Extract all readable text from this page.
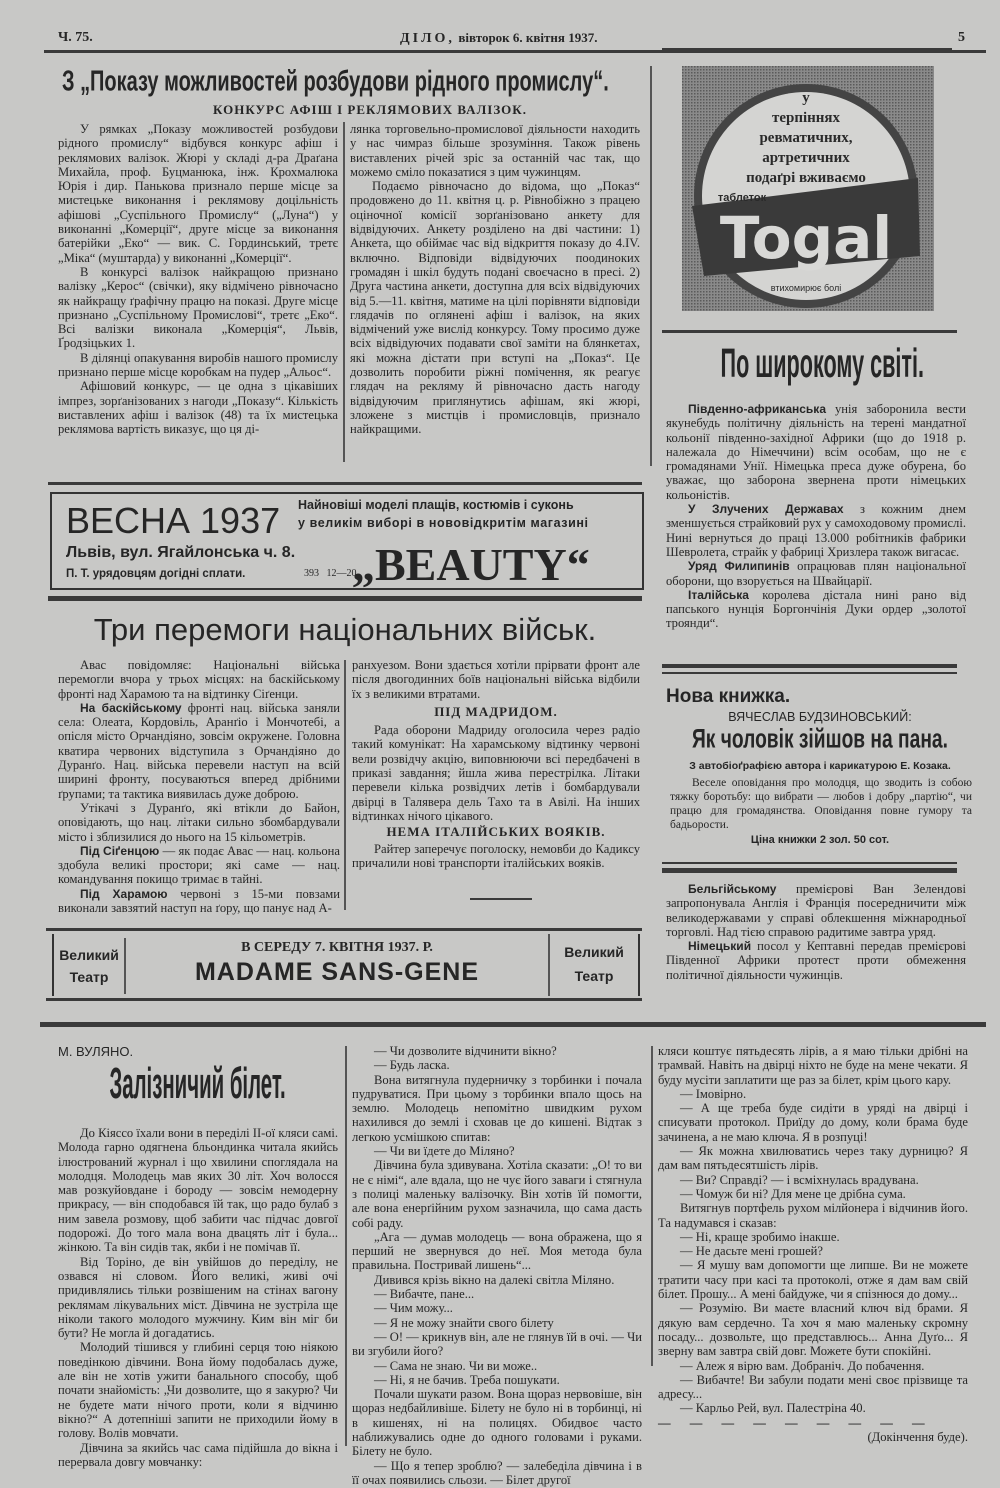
Ч. 75.	ДІЛО, вівторок 6. квітня 1937.	5
З „Показу можливостей розбудови рідного промислу“.
КОНКУРС АФІШ І РЕКЛЯМОВИХ ВАЛІЗОК.

У рямках „Показу можливостей розбудови рідного промислу“ відбувся конкурс афіш і реклямових валізок. Жюрі у складі д-ра Драґана Михайла, проф. Буцманюка, інж. Крохмалюка Юрія і дир. Панькова признало перше місце за мистецьке виконання і реклямову доцільність афішові „Суспільного Промислу“ („Луна“) у виконанні „Комерції“, друге місце за виконання батерійки „Еко“ — вик. С. Гординський, третє „Міка“ (муштарда) у виконанні „Комерції“.

В конкурсі валізок найкращою признано валізку „Керос“ (свічки), яку відмічено рівночасно як найкращу ґрафічну працю на показі. Друге місце признано „Суспільному Промислові“, третє „Еко“. Всі валізки виконала „Комерція“, Львів, Ґродзіцьких 1.

В ділянці опакування виробів нашого промислу признано перше місце коробкам на пудер „Альос“.

Афішовий конкурс, — це одна з цікавіших імпрез, зорґанізованих з нагоди „Показу“. Кількість виставлених афіш і валізок (48) та їх мистецька реклямова вартість виказує, що ця ді-

лянка торговельно-промислової діяльности находить у нас чимраз більше зрозуміння. Також рівень виставлених річей зріс за останній час так, що можемо сміло показатися з цим чужинцям.

Подаємо рівночасно до відома, що „Показ“ продовжено до 11. квітня ц. р. Рівнобіжно з працею оціночної комісії зорґанізовано анкету для відвідуючих. Анкету розділено на дві частини: 1) Анкета, що обіймає час від відкриття показу до 4.IV. включно. Відповіди відвідуючих поодиноких громадян і шкіл будуть подані своєчасно в пресі. 2) Друга частина анкети, доступна для всіх відвідуючих від 5.—11. квітня, матиме на цілі порівняти відповіди глядачів по оглянені афіш і валізок, на яких відмічений уже вислід конкурсу. Тому просимо дуже всіх відвідуючих подавати свої заміти на блянкетах, які можна дістати при вступі на „Показ“. Це дозволить поробити ріжні помічення, як реагує глядач на рекляму й рівночасно дасть нагоду відвідуючим приглянутись афішам, які жюрі, зложене з мистців і промисловців, признало найкращими.

у
терпіннях
ревматичних,
артретичних
подаґрі вживаємо
таблеток
Togal
втихомирює болі
По широкому світі.

Південно-африканська унія заборонила вести якунебудь політичну діяльність на терені мандатної кольонії південно-західної Африки (що до 1918 р. належала до Німеччини) всім особам, що не є громадянами Унії. Німецька преса дуже обурена, бо уважає, що заборона звернена проти німецьких кольоністів.

У Злучених Державах з кожним днем зменшується страйковий рух у самоходовому промислі. Нині вернуться до праці 13.000 робітників фабрики Шевролета, страйк у фабриці Хризлера також вигасає.

Уряд Филипинів опрацював плян національної оборони, що взорується на Швайцарії.

Італійська королева дістала нині рано від папського нунція Боргончінія Дуки ордер „золотої троянди“.

ВЕСНА 1937 Найновіші моделі плащів, костюмів і суконь
у великім виборі в нововідкритім магазині
Львів, вул. Ягайлонська ч. 8.
П. Т. урядовцям догідні сплати.	393   12—20
„BEAUTY“
Три перемоги національних військ.

Авас повідомляє: Національні війська перемогли вчора у трьох місцях: на баскійському фронті над Харамою та на відтинку Сіґенци.

На баскійському фронті нац. війська заняли села: Олеата, Кордовіль, Аранґіо і Мончотебі, а опісля місто Орчандіяно, зовсім окружене. Головна кватира червоних відступила з Орчандіяно до Дуранґо. Нац. війська перевели наступ на всій ширині фронту, посуваються вперед дрібними ґрупами; та тактика виявилась дуже доброю.

Утікачі з Дуранґо, які втікли до Байон, оповідають, що нац. літаки сильно збомбардували місто і зблизилися до нього на 15 кільометрів.

Під Сіґенцою — як подає Авас — нац. кольона здобула великі простори; які саме — нац. командування покищо тримає в тайні.

Під Харамою червоні з 15-ми повзами виконали завзятий наступ на ґору, що панує над А-

ранхуезом. Вони здається хотіли прірвати фронт але після двогодинних боїв національні війська відбили їх з великими втратами.

ПІД МАДРИДОМ.

Рада оборони Мадриду оголосила через радіо такий комунікат: На харамському відтинку червоні вели розвідчу акцію, виповнюючи всі передбачені в приказі завдання; йшла жива перестрілка. Літаки перевели кілька розвідчих летів і бомбардували двірці в Талявера дель Тахо та в Авілі. На інших відтинках нічого цікавого.

НЕМА ІТАЛІЙСЬКИХ ВОЯКІВ.

Райтер заперечує поголоску, немовби до Кадиксу причалили нові транспорти італійських вояків.

Нова книжка.
ВЯЧЕСЛАВ БУДЗИНОВСЬКИЙ:
Як чоловік зійшов на пана.
З автобіоґрафією автора і карикатурою Е. Козака.

Веселе оповідання про молодця, що зводить із собою тяжку боротьбу: що вибрати — любов і добру „партію“, чи працю для громадянства. Оповідання повне гумору та бадьорости.

Ціна книжки 2 зол. 50 сот.

Бельгійському премієрові Ван Зелендові запропонувала Англія і Франція посередничити між великодержавами у справі облекшення міжнародньої торговлі. Над тією справою радитиме завтра уряд.

Німецький посол у Кептавні передав премієрові Південної Африки протест проти обмеження політичної діяльности чужинців.

Великий
Театр
В СЕРЕДУ 7. КВІТНЯ 1937. Р.
MADAME SANS-GENE
Великий
Театр
М. ВУЛЯНО.
Залізничий білет.

До Кіяссо їхали вони в переділі II-ої кляси самі. Молода гарно одягнена бльондинка читала якийсь ілюстрований журнал і що хвилини споглядала на молодця. Молодець мав яких 30 літ. Хоч волосся мав розкуйовдане і бороду — зовсім немодерну прикрасу, — він сподобався їй так, що радо булаб з ним завела розмову, щоб забити час підчас довгої подорожі. До того мала вона двацять літ і була... жінкою. Та він сидів так, якби і не помічав її.

Від Торіно, де він увійшов до переділу, не озвався ні словом. Його великі, живі очі придивлялись тільки розвішеним на стінах вагону реклямам лікувальних міст. Дівчина не зустріла ще ніколи такого молодого мужчину. Ким він міг би бути? Не могла й догадатись.

Молодий тішився у глибині серця тою ніякою поведінкою дівчини. Вона йому подобалась дуже, але він не хотів ужити банального способу, щоб почати знайомість: „Чи дозволите, що я закурю? Чи не будете мати нічого проти, коли я відчиню вікно?“ А дотепніші запити не приходили йому в голову. Волів мовчати.

Дівчина за якийсь час сама підійшла до вікна і перервала довгу мовчанку:

— Чи дозволите відчинити вікно?

— Будь ласка.

Вона витягнула пудерничку з торбинки і почала пудруватися. При цьому з торбинки впало щось на землю. Молодець непомітно швидким рухом нахилився до землі і сховав це до кишені. Відтак з легкою усмішкою спитав:

— Чи ви їдете до Міляно?

Дівчина була здивувана. Хотіла сказати: „О! то ви не є німі“, але вдала, що не чує його заваги і стягнула з полиці маленьку валізочку. Він хотів їй помогти, але вона енерґійним рухом зазначила, що сама дасть собі раду.

„Ага — думав молодець — вона ображена, що я перший не звернувся до неї. Моя метода була правильна. Постривай лишень“...

Дивився крізь вікно на далекі світла Міляно.

— Вибачте, пане...

— Чим можу...

— Я не можу знайти свого білету

— О! — крикнув він, але не глянув їй в очі. — Чи ви згубили його?

— Сама не знаю. Чи ви може..

— Ні, я не бачив. Треба пошукати.

Почали шукати разом. Вона щораз нервовіше, він щораз недбайливіше. Білету не було ні в торбинці, ні в кишенях, ні на полицях. Обидвоє часто наближувались одне до одного головами і руками. Білету не було.

— Що я тепер зроблю? — залебеділа дівчина і в її очах появились сльози. — Білет другої

кляси коштує пятьдесять лірів, а я маю тільки дрібні на трамвай. Навіть на двірці ніхто не буде на мене чекати. Я буду мусіти заплатити ще раз за білет, крім цього кару.

— Імовірно.

— А ще треба буде сидіти в уряді на двірці і списувати протокол. Приїду до дому, коли брама буде зачинена, а не маю ключа. Я в розпуці!

— Як можна хвилюватись через таку дурницю? Я дам вам пятьдесятшість лірів.

— Ви? Справді? — і всміхнулась врадувана.

— Чомуж би ні? Для мене це дрібна сума.

Витягнув портфель рухом мілйонера і відчинив його. Та надумався і сказав:

— Ні, краще зробимо інакше.

— Не дасьте мені грошей?

— Я мушу вам допомогти ще липше. Ви не можете тратити часу при касі та протоколі, отже я дам вам свій білет. Прошу... А мені байдуже, чи я спізнюся до дому...

— Розумію. Ви маєте власний ключ від брами. Я дякую вам сердечно. Та хоч я маю маленьку скромну посаду... дозвольте, що представлюсь... Анна Дуґо... Я зверну вам завтра свій довг. Можете бути спокійні.

— Алеж я вірю вам. Добраніч. До побачення.

— Вибачте! Ви забули подати мені своє прізвище та адресу...

— Карльо Рей, вул. Палестріна 40.

— — — — — — — — —

(Докінчення буде).
